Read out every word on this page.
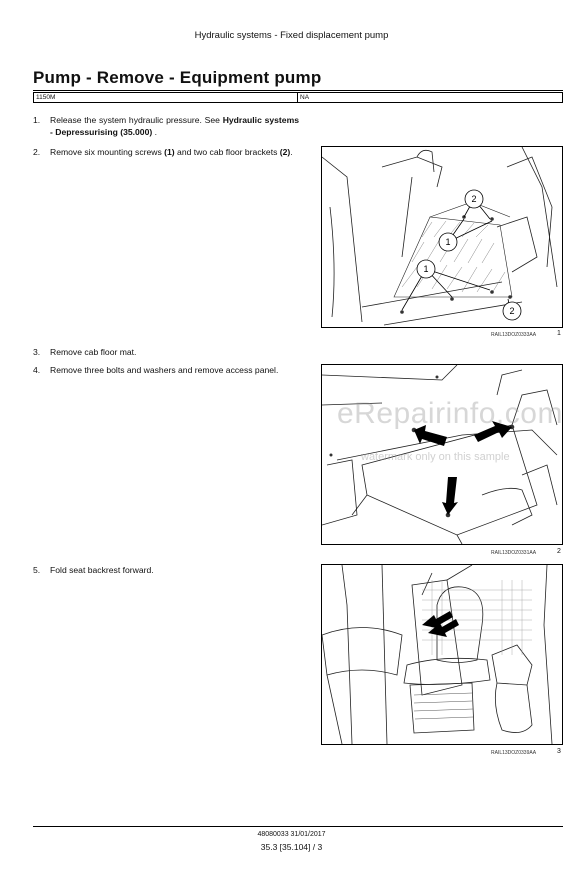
Hydraulic systems - Fixed displacement pump
Pump - Remove - Equipment pump
1150M	NA
1. Release the system hydraulic pressure. See Hydraulic systems - Depressurising (35.000) .
2. Remove six mounting screws (1) and two cab floor brackets (2).
3. Remove cab floor mat.
4. Remove three bolts and washers and remove access panel.
5. Fold seat backrest forward.
1
2
1
2
RAIL13DOZ0333AA	1
RAIL13DOZ0331AA	2
RAIL13DOZ0339AA	3
eRepairinfo.com
watermark only on this sample
48080033 31/01/2017
35.3 [35.104] / 3
